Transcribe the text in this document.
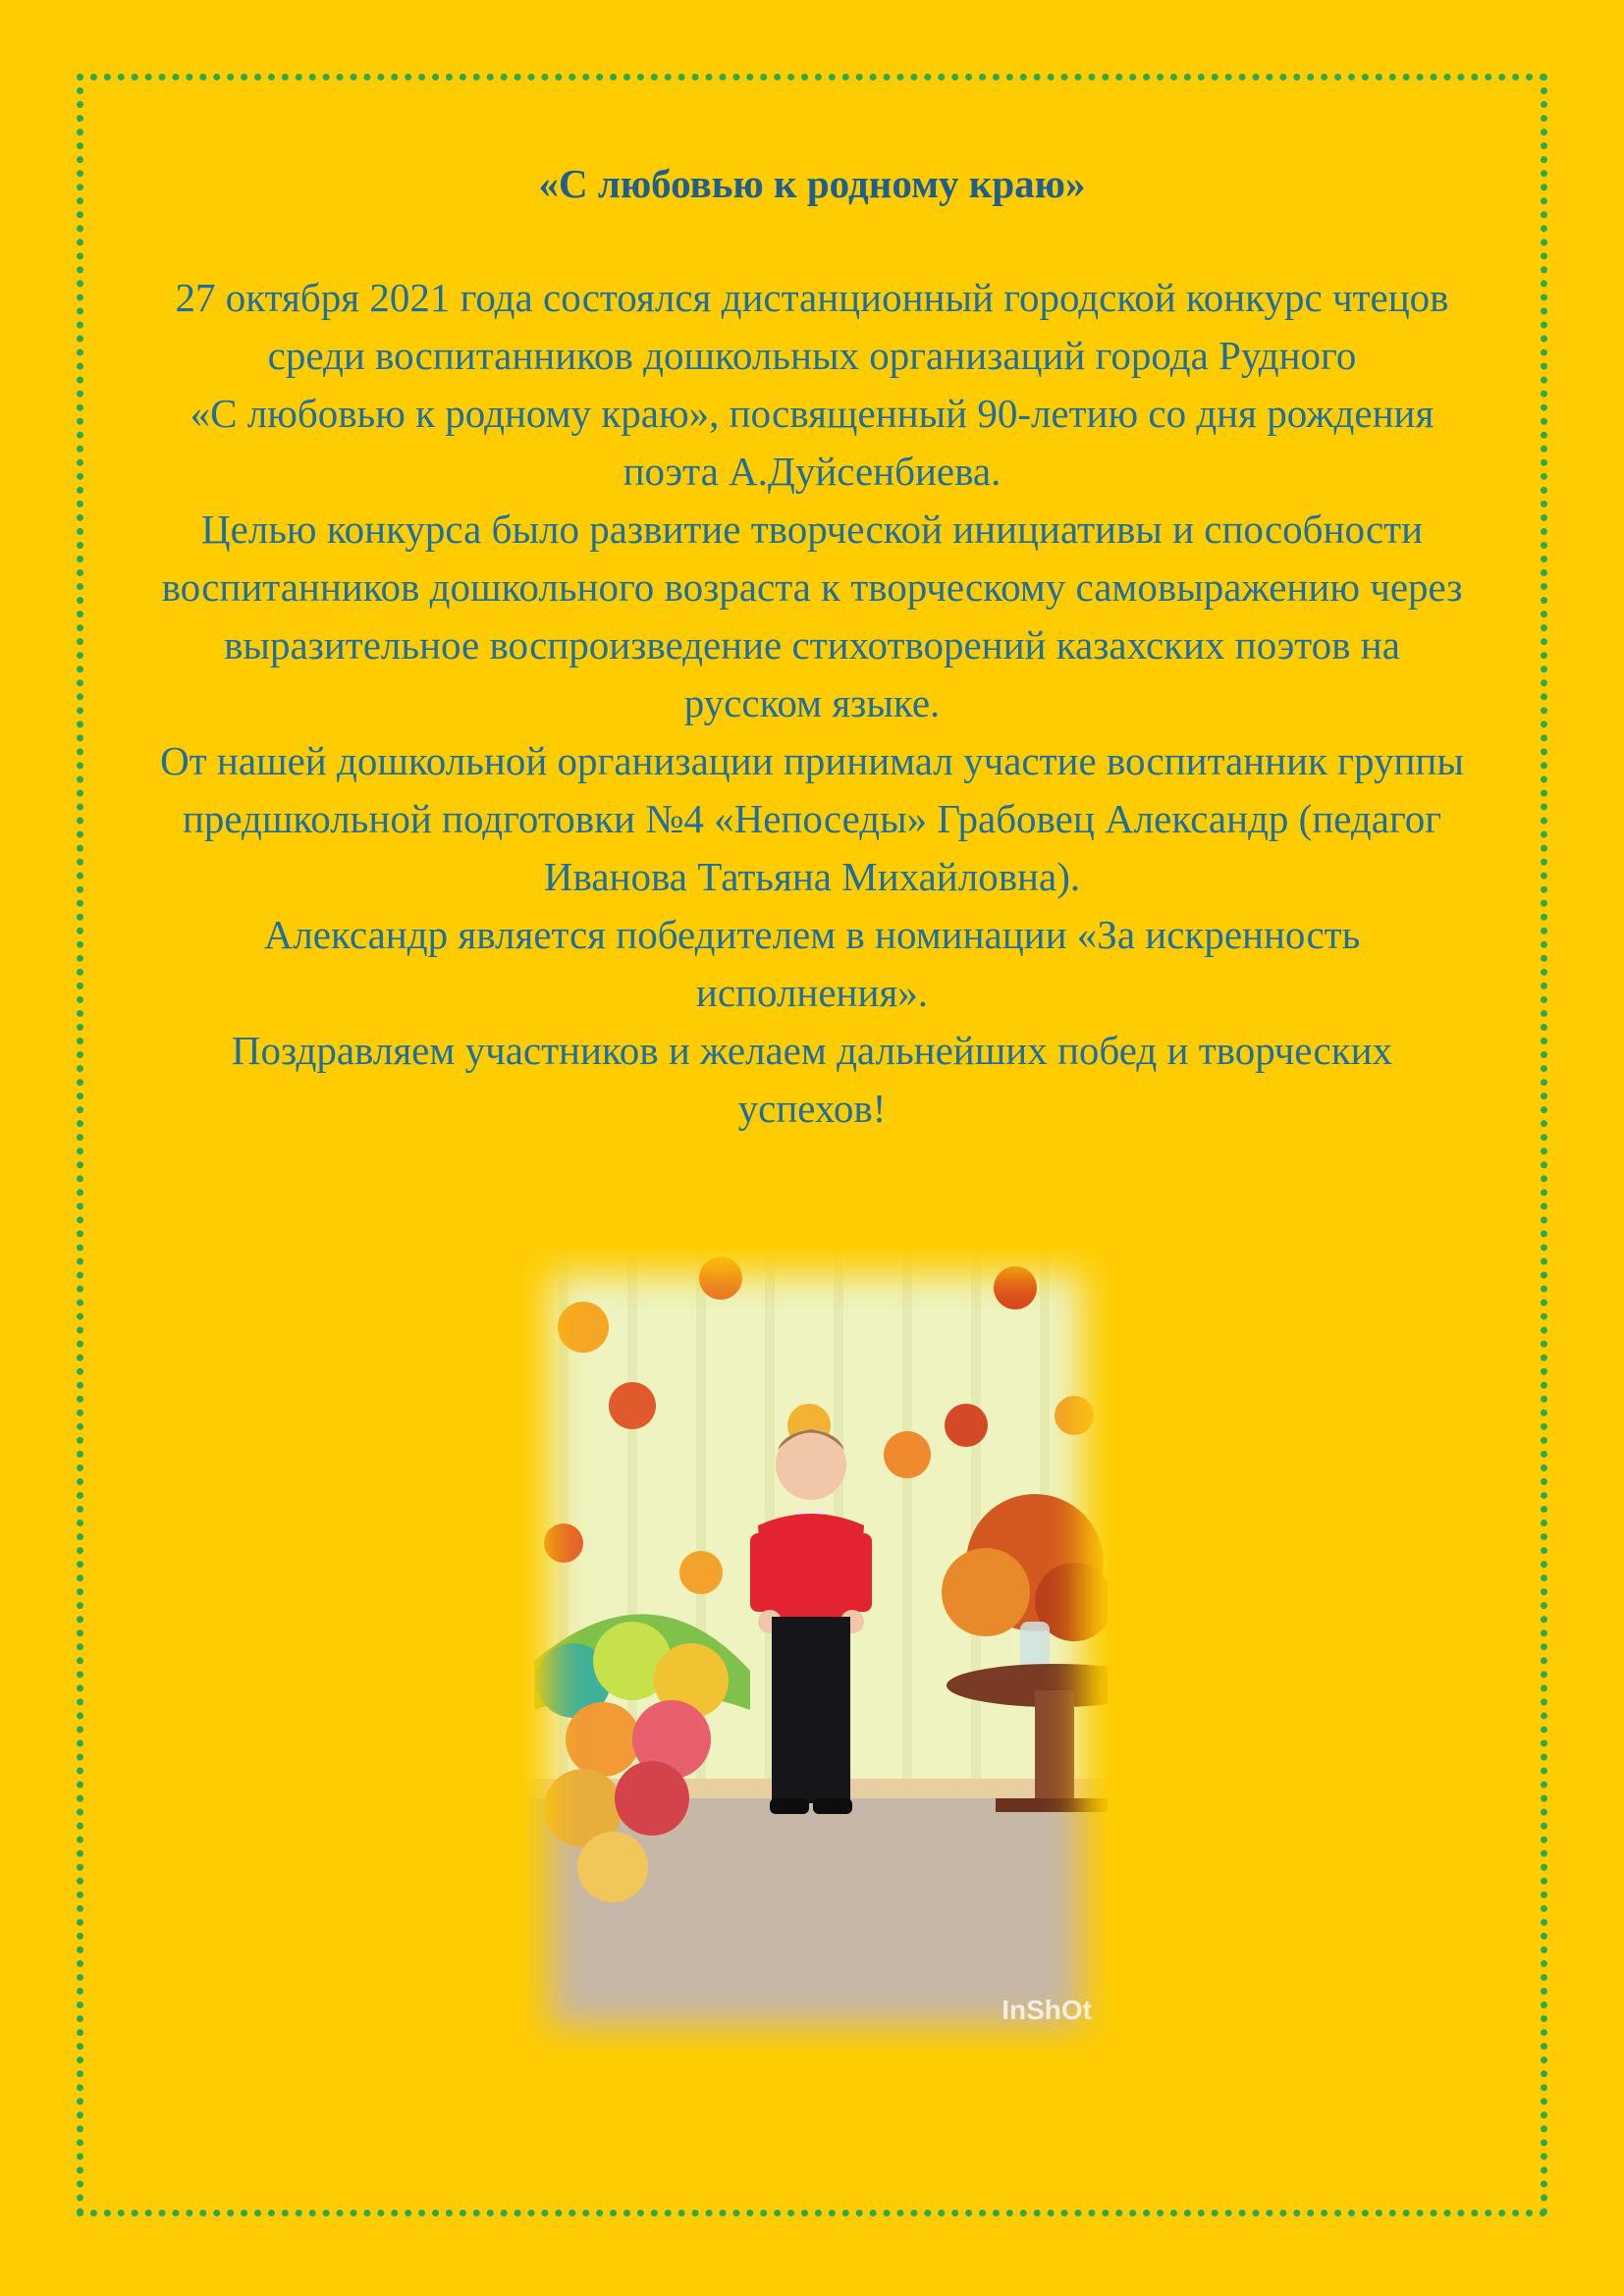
«С любовью к родному краю»

27 октября 2021 года состоялся дистанционный городской конкурс чтецов среди воспитанников дошкольных организаций города Рудного

«С любовью к родному краю», посвященный 90-летию со дня рождения поэта А.Дуйсенбиева.

Целью конкурса было развитие творческой инициативы и способности воспитанников дошкольного возраста к творческому самовыражению через выразительное воспроизведение стихотворений казахских поэтов на русском языке.

От нашей дошкольной организации принимал участие воспитанник группы предшкольной подготовки №4 «Непоседы» Грабовец Александр (педагог Иванова Татьяна Михайловна).

Александр является победителем в номинации «За искренность исполнения».

Поздравляем участников и желаем дальнейших побед и творческих успехов!

InShOt
